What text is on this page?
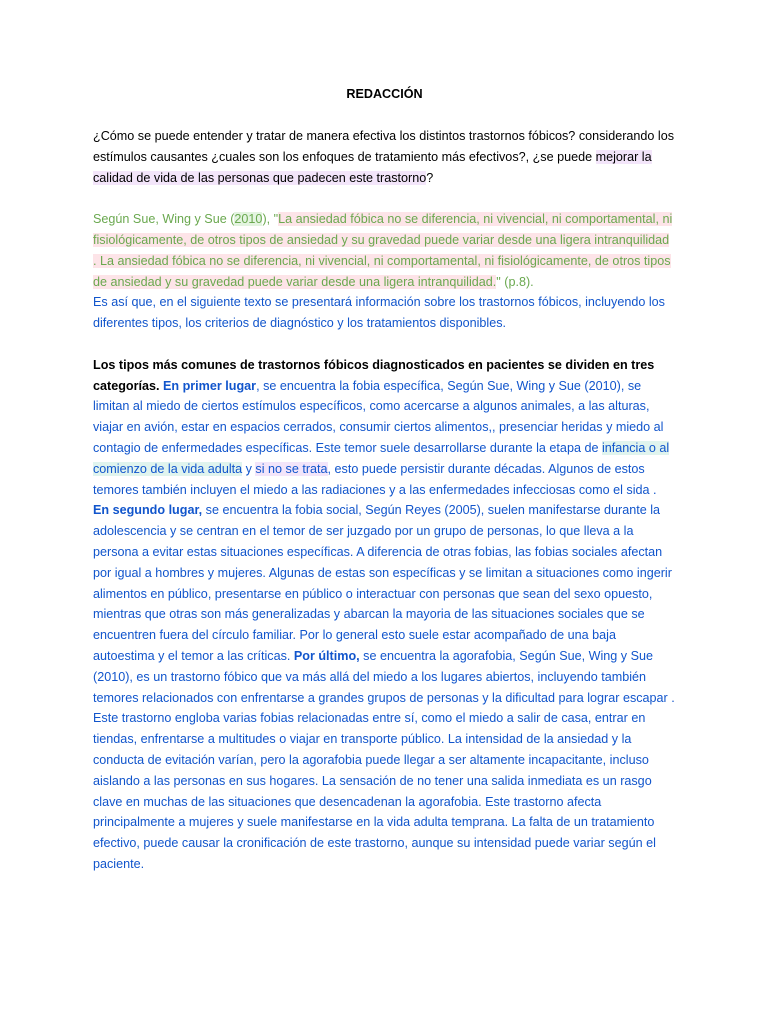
REDACCIÓN

¿Cómo se puede entender y tratar de manera efectiva los distintos trastornos fóbicos? considerando los estímulos causantes ¿cuales son los enfoques de tratamiento más efectivos?, ¿se puede mejorar la calidad de vida de las personas que padecen este trastorno?

Según Sue, Wing y Sue (2010), "La ansiedad fóbica no se diferencia, ni vivencial, ni comportamental, ni fisiológicamente, de otros tipos de ansiedad y su gravedad puede variar desde una ligera intranquilidad . La ansiedad fóbica no se diferencia, ni vivencial, ni comportamental, ni fisiológicamente, de otros tipos de ansiedad y su gravedad puede variar desde una ligera intranquilidad." (p.8).

Es así que, en el siguiente texto se presentará información sobre los trastornos fóbicos, incluyendo los diferentes tipos, los criterios de diagnóstico y los tratamientos disponibles.

Los tipos más comunes de trastornos fóbicos diagnosticados en pacientes se dividen en tres categorías. En primer lugar, se encuentra la fobia específica, Según Sue, Wing y Sue (2010), se limitan al miedo de ciertos estímulos específicos, como acercarse a algunos animales, a las alturas, viajar en avión, estar en espacios cerrados, consumir ciertos alimentos,, presenciar heridas y miedo al contagio de enfermedades específicas. Este temor suele desarrollarse durante la etapa de infancia o al comienzo de la vida adulta y si no se trata, esto puede persistir durante décadas. Algunos de estos temores también incluyen el miedo a las radiaciones y a las enfermedades infecciosas como el sida . En segundo lugar, se encuentra la fobia social, Según Reyes (2005), suelen manifestarse durante la adolescencia y se centran en el temor de ser juzgado por un grupo de personas, lo que lleva a la persona a evitar estas situaciones específicas. A diferencia de otras fobias, las fobias sociales afectan por igual a hombres y mujeres. Algunas de estas son específicas y se limitan a situaciones como ingerir alimentos en público, presentarse en público o interactuar con personas que sean del sexo opuesto, mientras que otras son más generalizadas y abarcan la mayoria de las situaciones sociales que se encuentren fuera del círculo familiar. Por lo general esto suele estar acompañado de una baja autoestima y el temor a las críticas. Por último, se encuentra la agorafobia, Según Sue, Wing y Sue (2010), es un trastorno fóbico que va más allá del miedo a los lugares abiertos, incluyendo también temores relacionados con enfrentarse a grandes grupos de personas y la dificultad para lograr escapar . Este trastorno engloba varias fobias relacionadas entre sí, como el miedo a salir de casa, entrar en tiendas, enfrentarse a multitudes o viajar en transporte público. La intensidad de la ansiedad y la conducta de evitación varían, pero la agorafobia puede llegar a ser altamente incapacitante, incluso aislando a las personas en sus hogares. La sensación de no tener una salida inmediata es un rasgo clave en muchas de las situaciones que desencadenan la agorafobia. Este trastorno afecta principalmente a mujeres y suele manifestarse en la vida adulta temprana. La falta de un tratamiento efectivo, puede causar la cronificación de este trastorno, aunque su intensidad puede variar según el paciente.
